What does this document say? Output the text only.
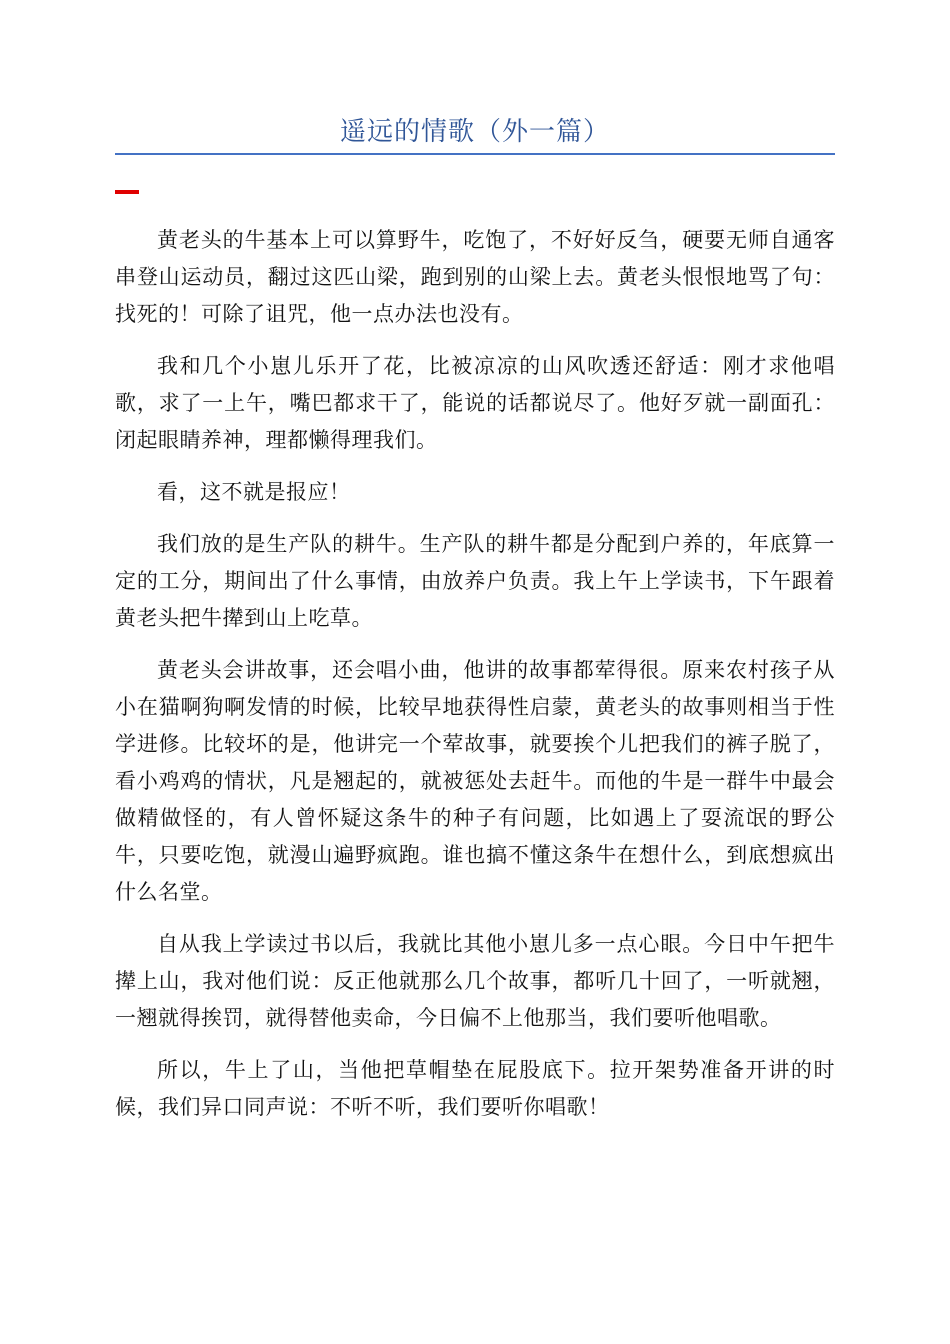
遥远的情歌（外一篇）

黄老头的牛基本上可以算野牛，吃饱了，不好好反刍，硬要无师自通客串登山运动员，翻过这匹山梁，跑到别的山梁上去。黄老头恨恨地骂了句：找死的！可除了诅咒，他一点办法也没有。

我和几个小崽儿乐开了花，比被凉凉的山风吹透还舒适：刚才求他唱歌，求了一上午，嘴巴都求干了，能说的话都说尽了。他好歹就一副面孔：闭起眼睛养神，理都懒得理我们。

看，这不就是报应！

我们放的是生产队的耕牛。生产队的耕牛都是分配到户养的，年底算一定的工分，期间出了什么事情，由放养户负责。我上午上学读书，下午跟着黄老头把牛撵到山上吃草。

黄老头会讲故事，还会唱小曲，他讲的故事都荤得很。原来农村孩子从小在猫啊狗啊发情的时候，比较早地获得性启蒙，黄老头的故事则相当于性学进修。比较坏的是，他讲完一个荤故事，就要挨个儿把我们的裤子脱了，看小鸡鸡的情状，凡是翘起的，就被惩处去赶牛。而他的牛是一群牛中最会做精做怪的，有人曾怀疑这条牛的种子有问题，比如遇上了耍流氓的野公牛，只要吃饱，就漫山遍野疯跑。谁也搞不懂这条牛在想什么，到底想疯出什么名堂。

自从我上学读过书以后，我就比其他小崽儿多一点心眼。今日中午把牛撵上山，我对他们说：反正他就那么几个故事，都听几十回了，一听就翘，一翘就得挨罚，就得替他卖命，今日偏不上他那当，我们要听他唱歌。

所以，牛上了山，当他把草帽垫在屁股底下。拉开架势准备开讲的时候，我们异口同声说：不听不听，我们要听你唱歌！
